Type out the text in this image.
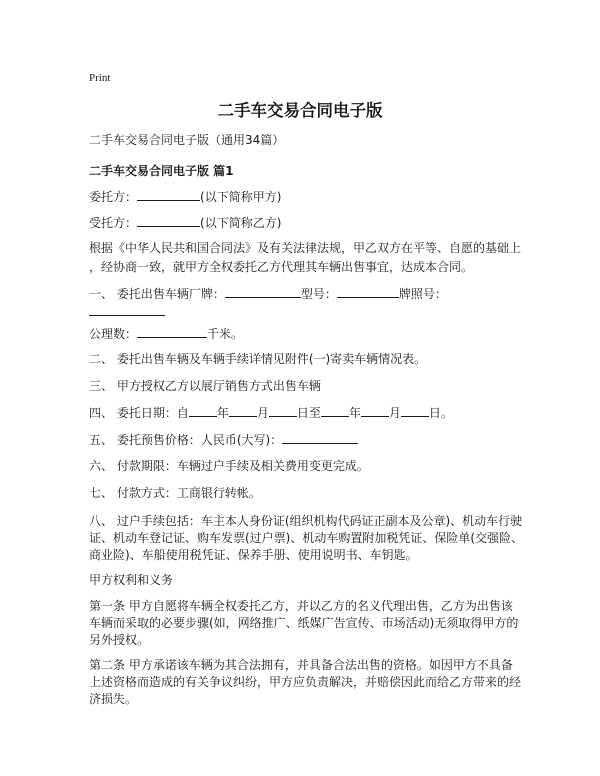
Print
二手车交易合同电子版

二手车交易合同电子版（通用34篇）

二手车交易合同电子版 篇1

委托方：	(以下简称甲方)

受托方：	(以下简称乙方)

根据《中华人民共和国合同法》及有关法律法规，甲乙双方在平等、自愿的基础上

，经协商一致，就甲方全权委托乙方代理其车辆出售事宜，达成本合同。

一、 委托出售车辆厂牌：	型号：	牌照号：

公理数：	千米。

二、 委托出售车辆及车辆手续详情见附件(一)寄卖车辆情况表。

三、 甲方授权乙方以展厅销售方式出售车辆

四、 委托日期：自 年 月 日至 年 月 日。

五、 委托预售价格：人民币(大写)：

六、 付款期限：车辆过户手续及相关费用变更完成。

七、 付款方式：工商银行转帐。

八、 过户手续包括：车主本人身份证(组织机构代码证正副本及公章)、机动车行驶

证、机动车登记证、购车发票(过户票)、机动车购置附加税凭证、保险单(交强险、

商业险)、车船使用税凭证、保养手册、使用说明书、车钥匙。

甲方权利和义务

第一条 甲方自愿将车辆全权委托乙方，并以乙方的名义代理出售，乙方为出售该

车辆而采取的必要步骤(如，网络推广、纸媒广告宣传、市场活动)无须取得甲方的

另外授权。

第二条 甲方承诺该车辆为其合法拥有，并具备合法出售的资格。如因甲方不具备

上述资格而造成的有关争议纠纷，甲方应负责解决，并赔偿因此而给乙方带来的经

济损失。
